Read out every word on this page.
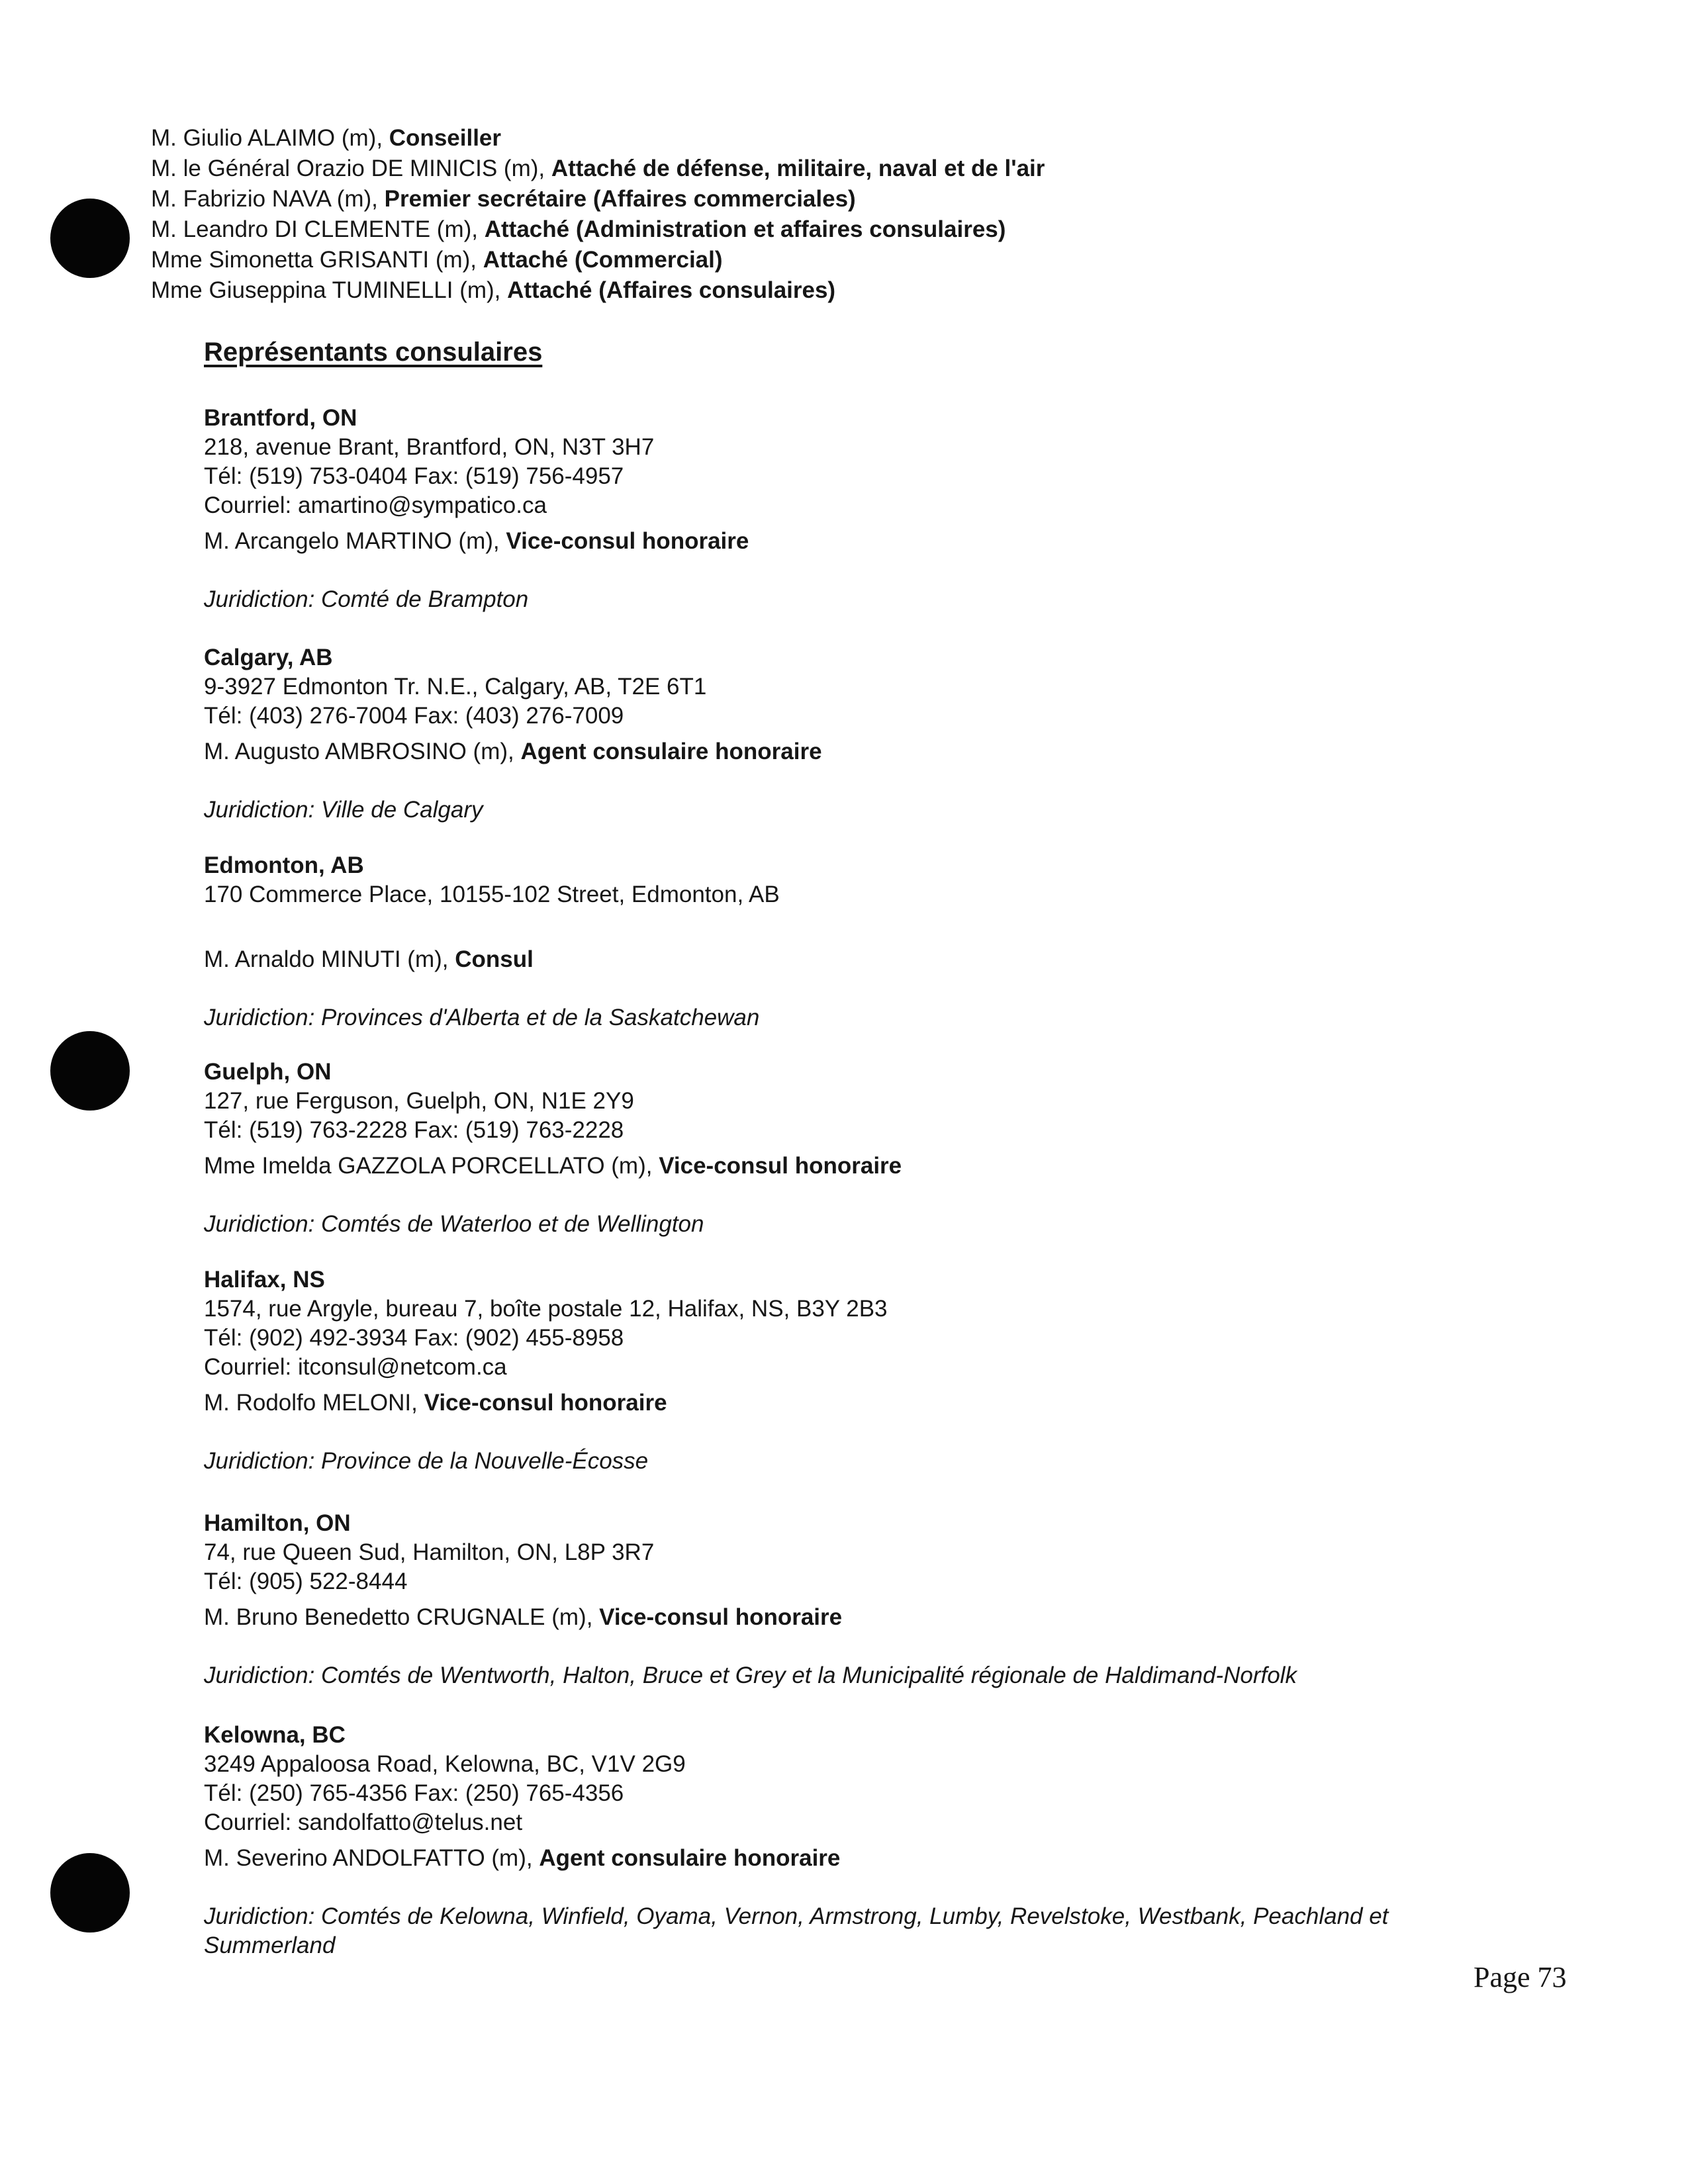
M. Giulio ALAIMO (m), Conseiller
M. le Général Orazio DE MINICIS (m), Attaché de défense, militaire, naval et de l'air
M. Fabrizio NAVA (m), Premier secrétaire (Affaires commerciales)
M. Leandro DI CLEMENTE (m), Attaché (Administration et affaires consulaires)
Mme Simonetta GRISANTI (m), Attaché (Commercial)
Mme Giuseppina TUMINELLI (m), Attaché (Affaires consulaires)
Représentants consulaires
Brantford, ON
218, avenue Brant, Brantford, ON, N3T 3H7
Tél: (519) 753-0404 Fax: (519) 756-4957
Courriel: amartino@sympatico.ca
M. Arcangelo MARTINO (m), Vice-consul honoraire
Juridiction: Comté de Brampton
Calgary, AB
9-3927 Edmonton Tr. N.E., Calgary, AB, T2E 6T1
Tél: (403) 276-7004 Fax: (403) 276-7009
M. Augusto AMBROSINO (m), Agent consulaire honoraire
Juridiction: Ville de Calgary
Edmonton, AB
170 Commerce Place, 10155-102 Street, Edmonton, AB
M. Arnaldo MINUTI (m), Consul
Juridiction: Provinces d'Alberta et de la Saskatchewan
Guelph, ON
127, rue Ferguson, Guelph, ON, N1E 2Y9
Tél: (519) 763-2228 Fax: (519) 763-2228
Mme Imelda GAZZOLA PORCELLATO (m), Vice-consul honoraire
Juridiction: Comtés de Waterloo et de Wellington
Halifax, NS
1574, rue Argyle, bureau 7, boîte postale 12, Halifax, NS, B3Y 2B3
Tél: (902) 492-3934 Fax: (902) 455-8958
Courriel: itconsul@netcom.ca
M. Rodolfo MELONI, Vice-consul honoraire
Juridiction: Province de la Nouvelle-Écosse
Hamilton, ON
74, rue Queen Sud, Hamilton, ON, L8P 3R7
Tél: (905) 522-8444
M. Bruno Benedetto CRUGNALE (m), Vice-consul honoraire
Juridiction: Comtés de Wentworth, Halton, Bruce et Grey et la Municipalité régionale de Haldimand-Norfolk
Kelowna, BC
3249 Appaloosa Road, Kelowna, BC, V1V 2G9
Tél: (250) 765-4356 Fax: (250) 765-4356
Courriel: sandolfatto@telus.net
M. Severino ANDOLFATTO (m), Agent consulaire honoraire
Juridiction: Comtés de Kelowna, Winfield, Oyama, Vernon, Armstrong, Lumby, Revelstoke, Westbank, Peachland et Summerland
Page 73
